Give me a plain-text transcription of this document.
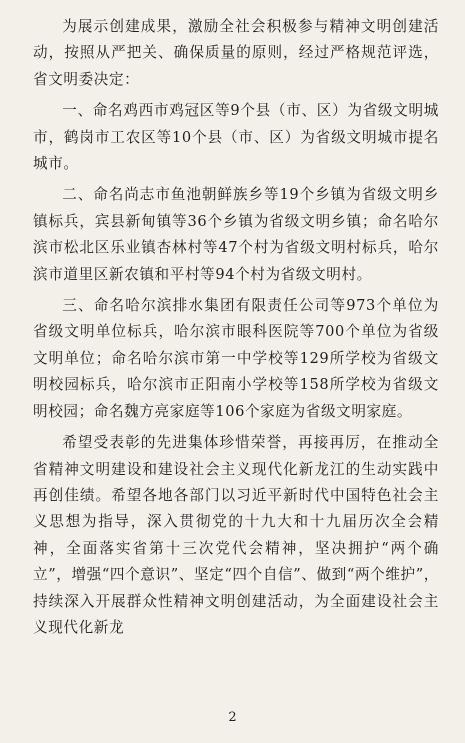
为展示创建成果，激励全社会积极参与精神文明创建活动，按照从严把关、确保质量的原则，经过严格规范评选，省文明委决定：

一、命名鸡西市鸡冠区等9个县（市、区）为省级文明城市，鹤岗市工农区等10个县（市、区）为省级文明城市提名城市。

二、命名尚志市鱼池朝鲜族乡等19个乡镇为省级文明乡镇标兵，宾县新甸镇等36个乡镇为省级文明乡镇；命名哈尔滨市松北区乐业镇杏林村等47个村为省级文明村标兵，哈尔滨市道里区新农镇和平村等94个村为省级文明村。

三、命名哈尔滨排水集团有限责任公司等973个单位为省级文明单位标兵，哈尔滨市眼科医院等700个单位为省级文明单位；命名哈尔滨市第一中学校等129所学校为省级文明校园标兵，哈尔滨市正阳南小学校等158所学校为省级文明校园；命名魏方亮家庭等106个家庭为省级文明家庭。

希望受表彰的先进集体珍惜荣誉，再接再厉，在推动全省精神文明建设和建设社会主义现代化新龙江的生动实践中再创佳绩。希望各地各部门以习近平新时代中国特色社会主义思想为指导，深入贯彻党的十九大和十九届历次全会精神，全面落实省第十三次党代会精神，坚决拥护“两个确立”，增强“四个意识”、坚定“四个自信”、做到“两个维护”，持续深入开展群众性精神文明创建活动，为全面建设社会主义现代化新龙

2
